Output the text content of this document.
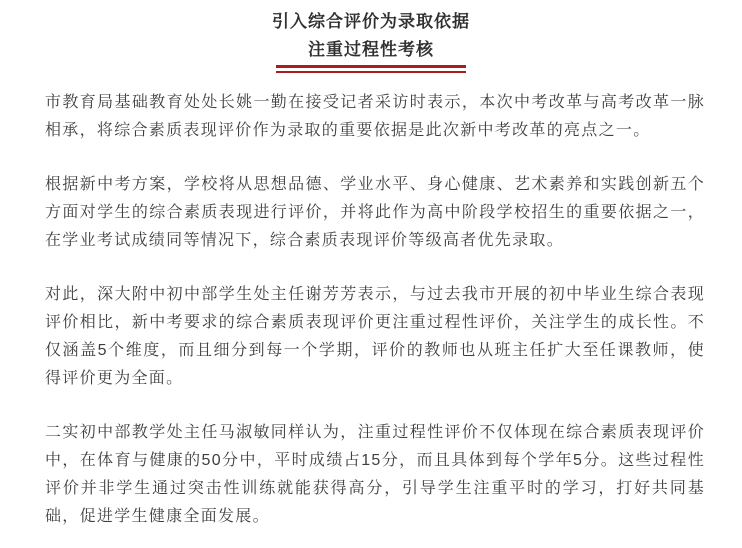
引入综合评价为录取依据
注重过程性考核

市教育局基础教育处处长姚一勤在接受记者采访时表示，本次中考改革与高考改革一脉相承，将综合素质表现评价作为录取的重要依据是此次新中考改革的亮点之一。

根据新中考方案，学校将从思想品德、学业水平、身心健康、艺术素养和实践创新五个方面对学生的综合素质表现进行评价，并将此作为高中阶段学校招生的重要依据之一，在学业考试成绩同等情况下，综合素质表现评价等级高者优先录取。

对此，深大附中初中部学生处主任谢芳芳表示，与过去我市开展的初中毕业生综合表现评价相比，新中考要求的综合素质表现评价更注重过程性评价，关注学生的成长性。不仅涵盖5个维度，而且细分到每一个学期，评价的教师也从班主任扩大至任课教师，使得评价更为全面。

二实初中部教学处主任马淑敏同样认为，注重过程性评价不仅体现在综合素质表现评价中，在体育与健康的50分中，平时成绩占15分，而且具体到每个学年5分。这些过程性评价并非学生通过突击性训练就能获得高分，引导学生注重平时的学习，打好共同基础，促进学生健康全面发展。
